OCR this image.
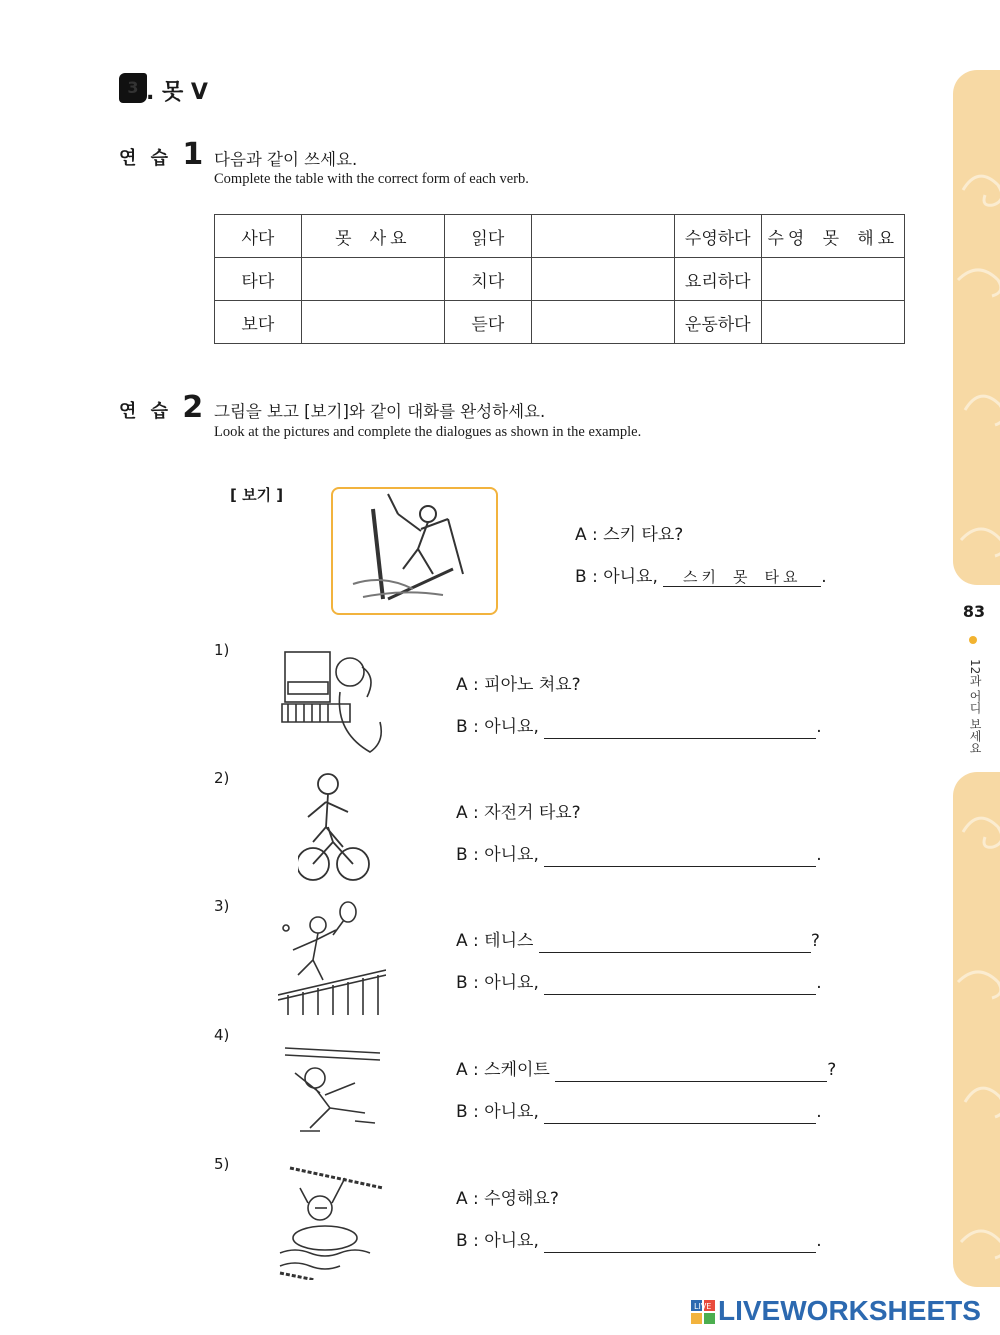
83
12과 어디 보세요
3 . 못 V
연 습 1 다음과 같이 쓰세요.
Complete the table with the correct form of each verb.
사다	못 사요	읽다		수영하다	수영 못 해요
타다		치다		요리하다	
보다		듣다		운동하다	
연 습 2 그림을 보고 [보기]와 같이 대화를 완성하세요.
Look at the pictures and complete the dialogues as shown in the example.
[ 보기 ]
A : 스키 타요?
B : 아니요, 스키 못 타요 .
1)
A : 피아노 쳐요?
B : 아니요,	.
2)
A : 자전거 타요?
B : 아니요,	.
3)
A : 테니스	?
B : 아니요,	.
4)
A : 스케이트	?
B : 아니요,	.
5)
A : 수영해요?
B : 아니요,	.
LIVE LIVEWORKSHEETS
